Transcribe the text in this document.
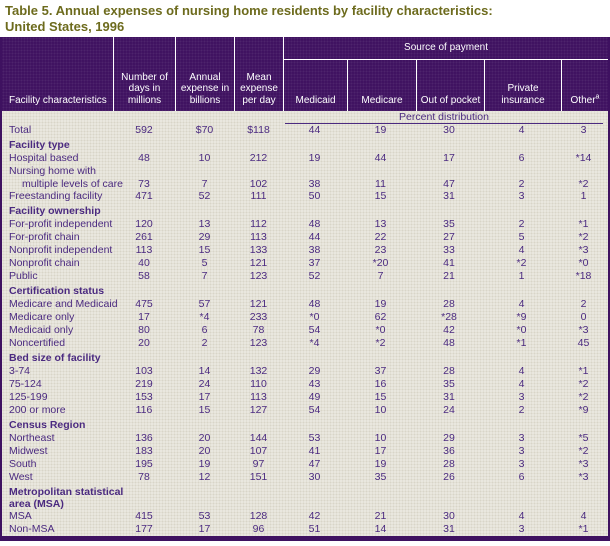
Table 5. Annual expenses of nursing home residents by facility characteristics:
United States, 1996
Facility characteristics
Number of days in millions
Annual expense in billions
Mean expense per day
Source of payment
Medicaid	Medicare	Out of pocket
Private insurance	Other$^a$
Percent distribution
Total	592	$70	$118	44	19	30	4	3
Facility type
Hospital based	48	10	212	19	44	17	6	*14
Nursing home with
multiple levels of care	73	7	102	38	11	47	2	*2
Freestanding facility	471	52	111	50	15	31	3	1
Facility ownership
For-profit independent	120	13	112	48	13	35	2	*1
For-profit chain	261	29	113	44	22	27	5	*2
Nonprofit independent	113	15	133	38	23	33	4	*3
Nonprofit chain	40	5	121	37	*20	41	*2	*0
Public	58	7	123	52	7	21	1	*18
Certification status
Medicare and Medicaid	475	57	121	48	19	28	4	2
Medicare only	17	*4	233	*0	62	*28	*9	0
Medicaid only	80	6	78	54	*0	42	*0	*3
Noncertified	20	2	123	*4	*2	48	*1	45
Bed size of facility
3-74	103	14	132	29	37	28	4	*1
75-124	219	24	110	43	16	35	4	*2
125-199	153	17	113	49	15	31	3	*2
200 or more	116	15	127	54	10	24	2	*9
Census Region
Northeast	136	20	144	53	10	29	3	*5
Midwest	183	20	107	41	17	36	3	*2
South	195	19	97	47	19	28	3	*3
West	78	12	151	30	35	26	6	*3
Metropolitan statistical
area (MSA)
MSA	415	53	128	42	21	30	4	4
Non-MSA	177	17	96	51	14	31	3	*1
